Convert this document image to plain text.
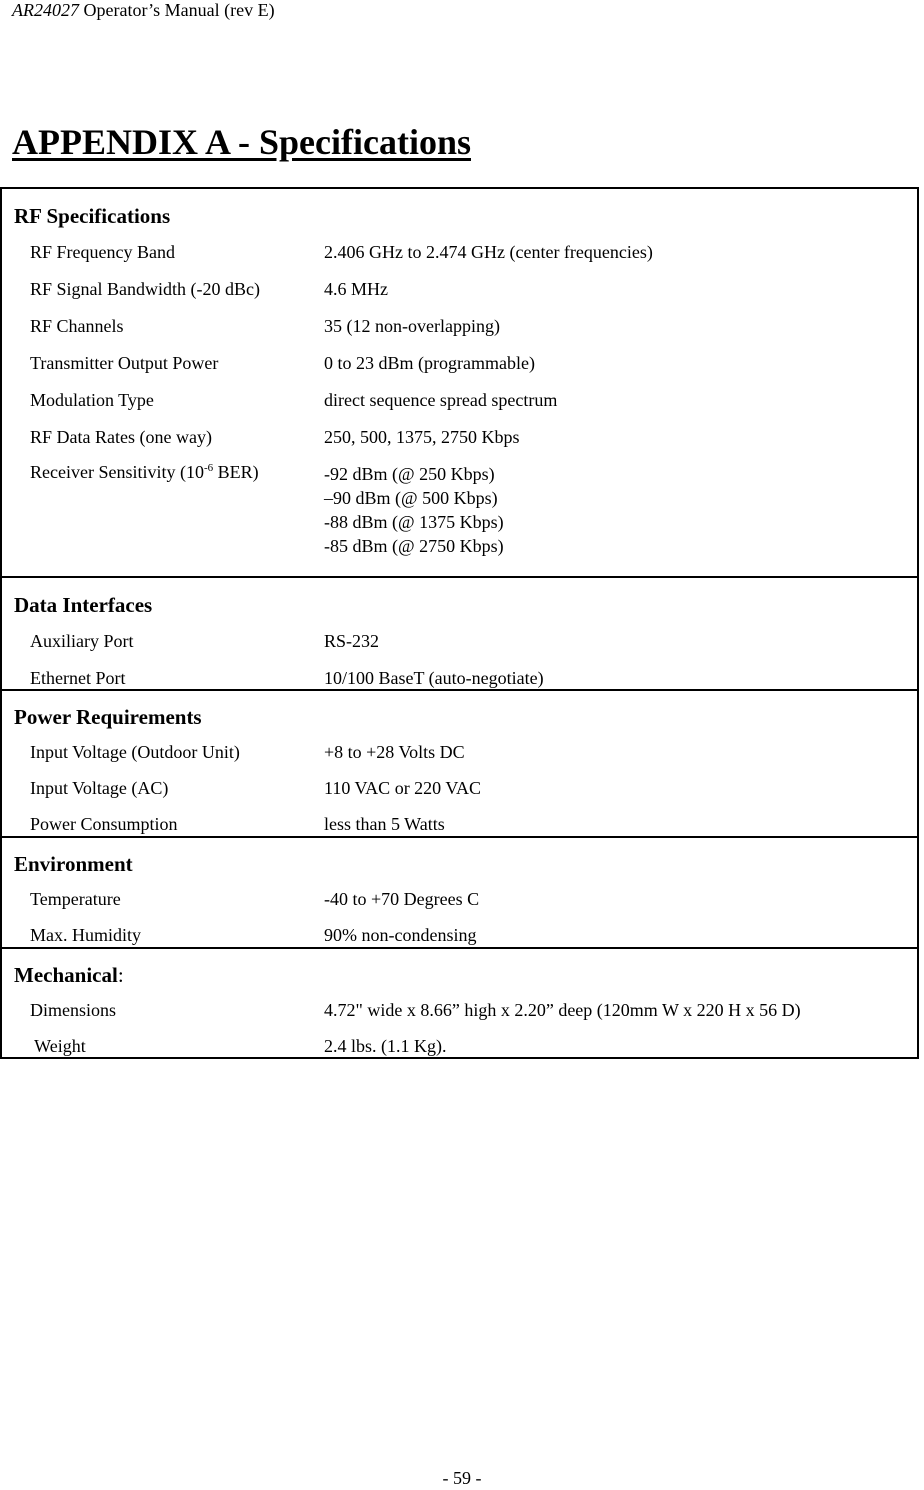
AR24027 Operator’s Manual (rev E)
APPENDIX A - Specifications
RF Specifications
RF Frequency Band	2.406 GHz to 2.474 GHz (center frequencies)
RF Signal Bandwidth (-20 dBc)	4.6 MHz
RF Channels	35 (12 non-overlapping)
Transmitter Output Power	0 to 23 dBm (programmable)
Modulation Type	direct sequence spread spectrum
RF Data Rates (one way)	250, 500, 1375, 2750 Kbps
Receiver Sensitivity ($10^{-6}$ BER)	-92 dBm (@ 250 Kbps)
–90 dBm (@ 500 Kbps)
-88 dBm (@ 1375 Kbps)
-85 dBm (@ 2750 Kbps)

Data Interfaces
Auxiliary Port	RS-232
Ethernet Port	10/100 BaseT (auto-negotiate)

Power Requirements
Input Voltage (Outdoor Unit)	+8 to +28 Volts DC
Input Voltage (AC)	110 VAC or 220 VAC
Power Consumption	less than 5 Watts

Environment
Temperature	-40 to +70 Degrees C
Max. Humidity	90% non-condensing

Mechanical:
Dimensions	4.72" wide x 8.66” high x 2.20” deep (120mm W x 220 H x 56 D)
Weight	2.4 lbs. (1.1 Kg).
- 59 -
